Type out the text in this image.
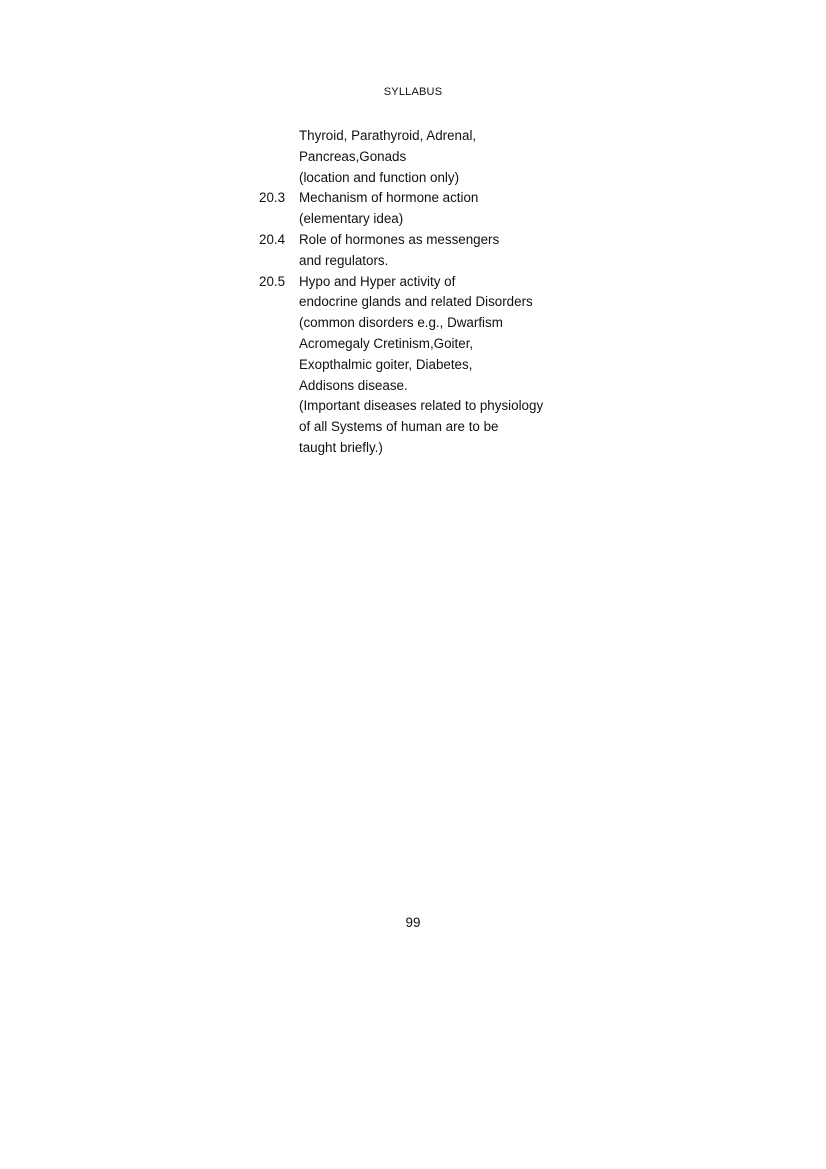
SYLLABUS
Thyroid, Parathyroid, Adrenal,
Pancreas,Gonads
(location and function only)
20.3	Mechanism of hormone action
(elementary idea)
20.4	Role of hormones as messengers
and regulators.
20.5	Hypo and Hyper activity of
endocrine glands and related Disorders
(common disorders e.g., Dwarfism
Acromegaly Cretinism,Goiter,
Exopthalmic goiter, Diabetes,
Addisons disease.
(Important diseases related to physiology
of all Systems of human are to be
taught briefly.)
99
